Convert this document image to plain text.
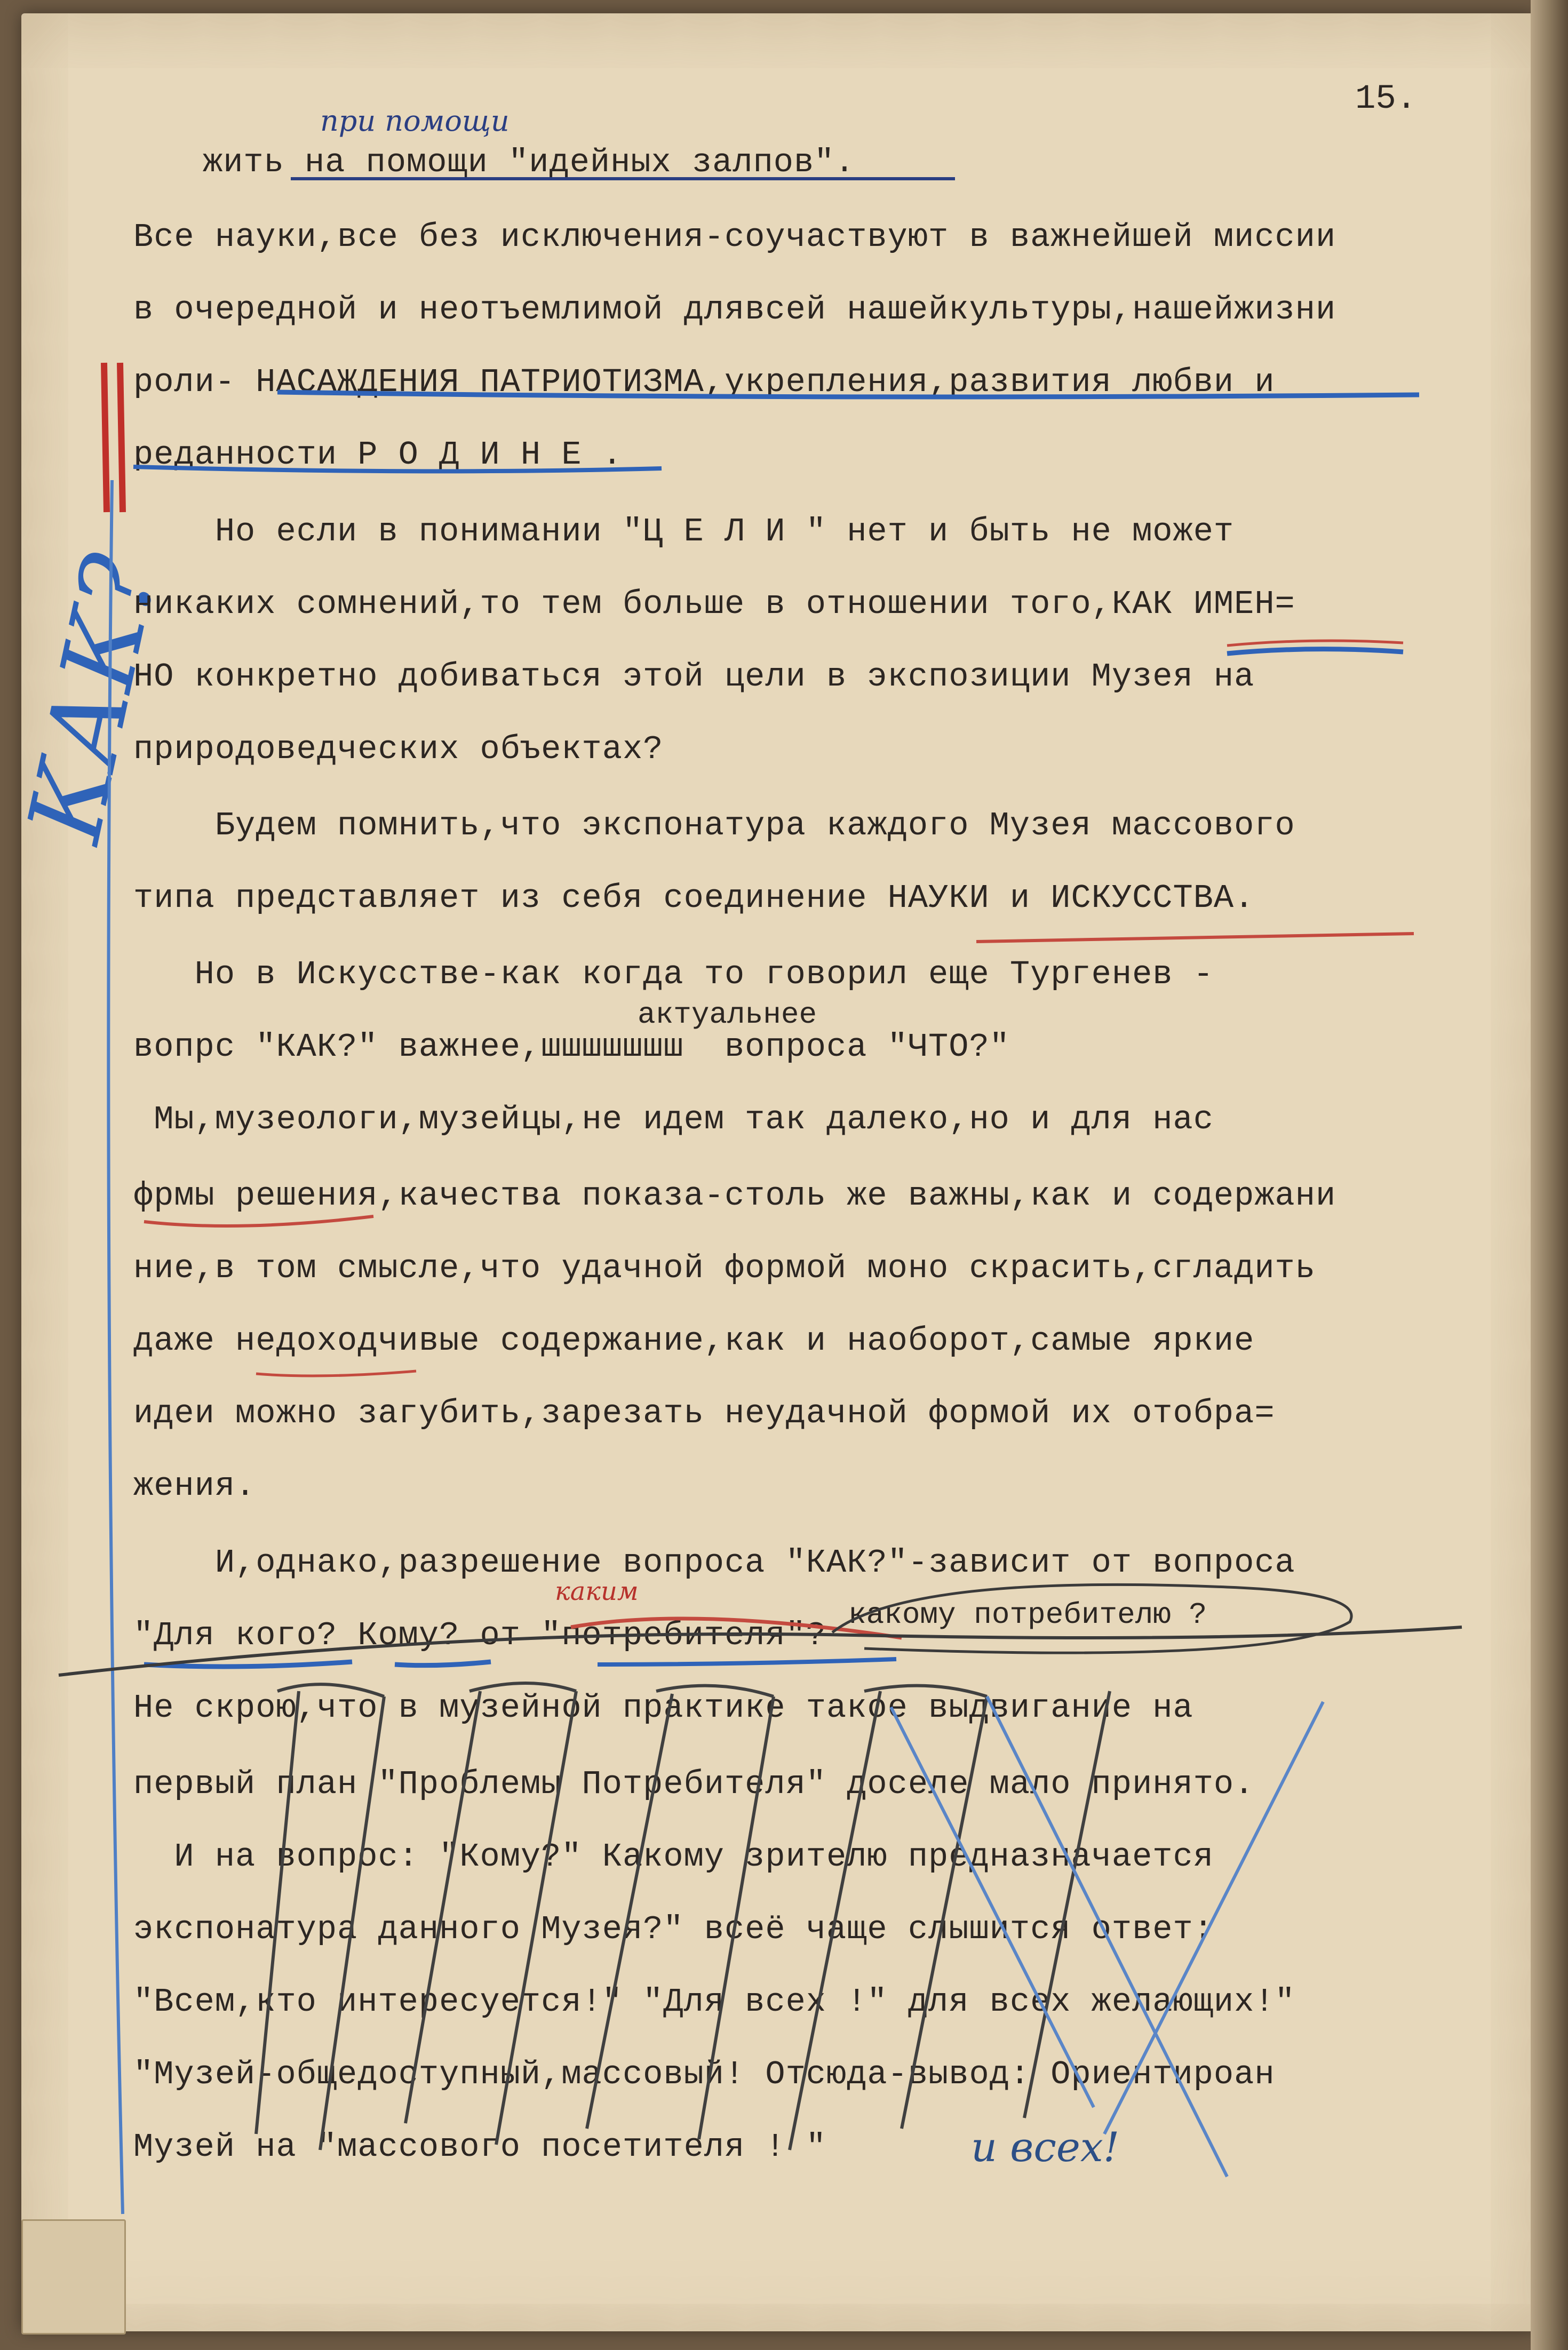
15.
при помощи
актуальнее
какому потребителю ?
каким
и всех!
КАК?
жить на помощи "идейных залпов".
Все науки,все без исключения-соучаствуют в важнейшей миссии
в очередной и неотъемлимой длявсей нашейкультуры,нашейжизни
роли- НАСАЖДЕНИЯ ПАТРИОТИЗМА,укрепления,развития любви и
реданности Р О Д И Н Е .
Но если в понимании "Ц Е Л И " нет и быть не может
никаких сомнений,то тем больше в отношении того,КАК ИМЕН=
НО конкретно добиваться этой цели в экспозиции Музея на
природоведческих объектах?
Будем помнить,что экспонатура каждого Музея массового
типа представляет из себя соединение НАУКИ и ИСКУССТВА.
Но в Искусстве-как когда то говорил еще Тургенев -
вопрс "КАК?" важнее,шшшшшшш  вопроса "ЧТО?"
Мы,музеологи,музейцы,не идем так далеко,но и для нас
фрмы решения,качества показа-столь же важны,как и содержани
ние,в том смысле,что удачной формой моно скрасить,сгладить
даже недоходчивые содержание,как и наоборот,самые яркие
идеи можно загубить,зарезать неудачной формой их отобра=
жения.
И,однако,разрешение вопроса "КАК?"-зависит от вопроса
"Для кого? Кому? от "потребителя"?
Не скрою,что в музейной практике такое выдвигание на
первый план "Проблемы Потребителя" доселе мало принято.
И на вопрос: "Кому?" Какому зрителю предназначается
экспонатура данного Музея?" всеё чаще слышится ответ:
"Всем,кто интересуется!" "Для всех !" для всех желающих!"
"Музей-общедоступный,массовый! Отсюда-вывод: Ориентироан
Музей на "массового посетителя ! "
